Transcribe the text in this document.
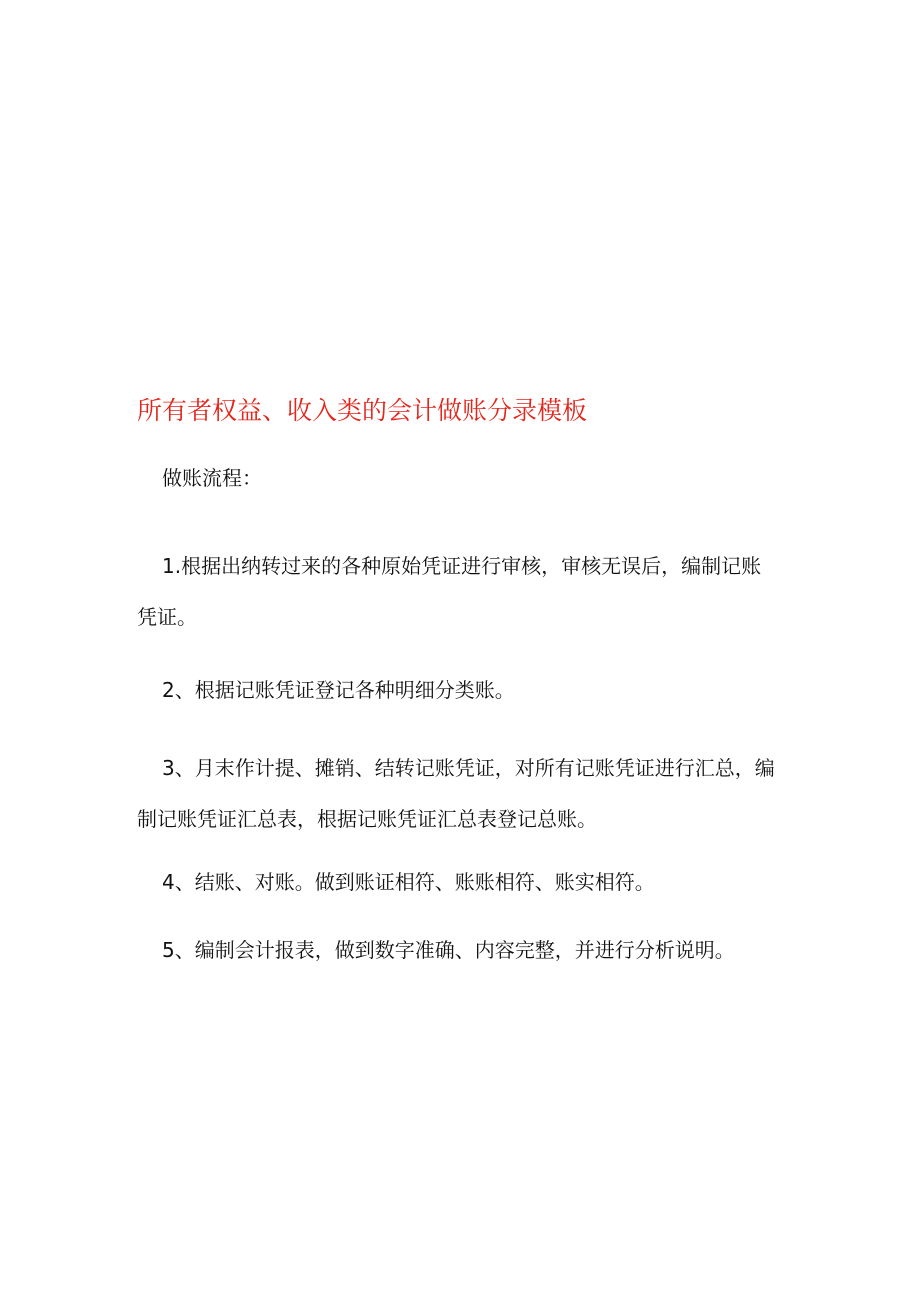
所有者权益、收入类的会计做账分录模板
做账流程：
1.根据出纳转过来的各种原始凭证进行审核，审核无误后，编制记账
凭证。
2、根据记账凭证登记各种明细分类账。
3、月末作计提、摊销、结转记账凭证，对所有记账凭证进行汇总，编
制记账凭证汇总表，根据记账凭证汇总表登记总账。
4、结账、对账。做到账证相符、账账相符、账实相符。
5、编制会计报表，做到数字准确、内容完整，并进行分析说明。
